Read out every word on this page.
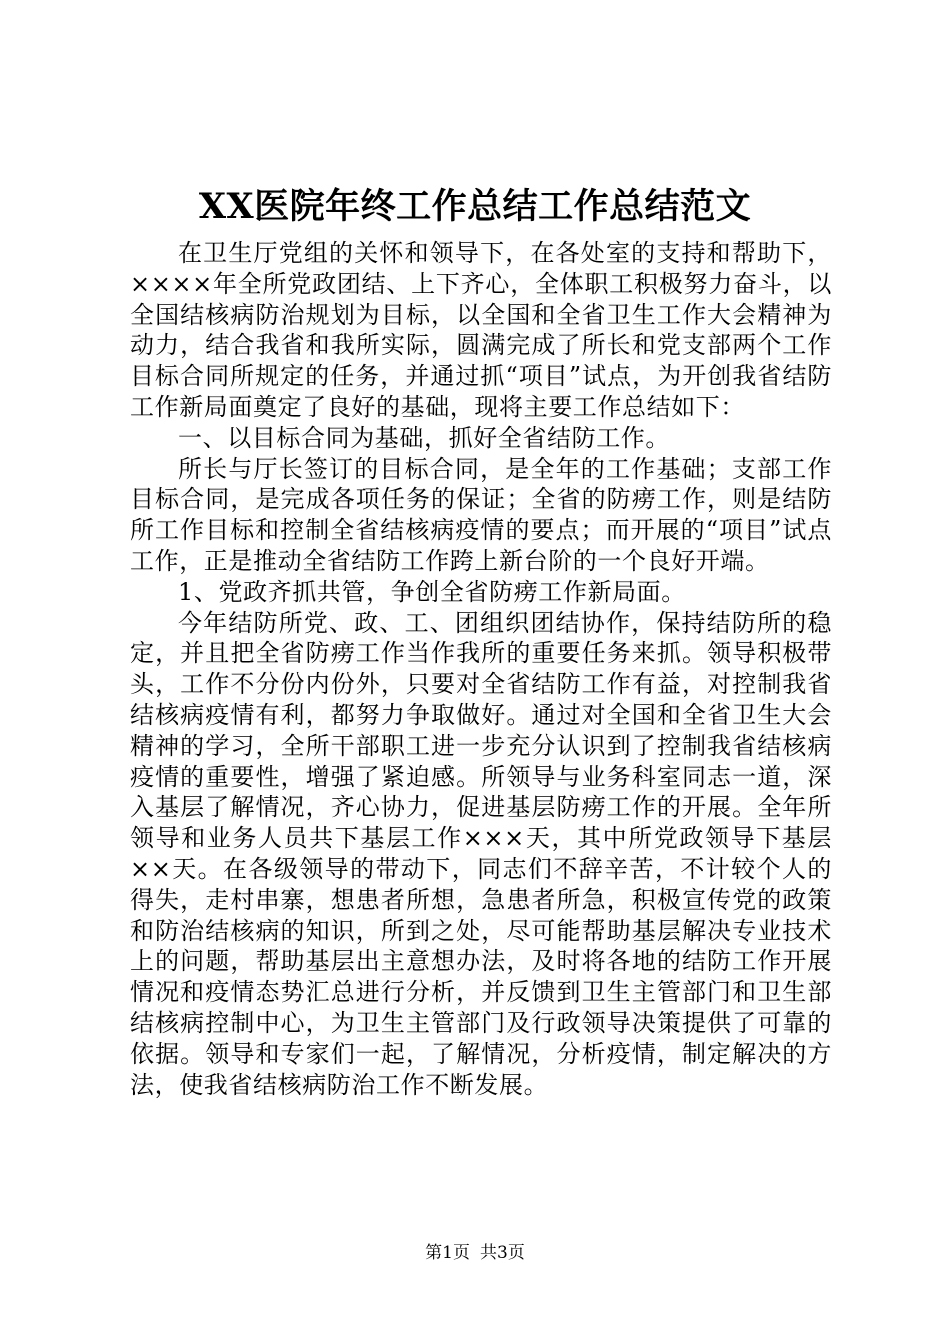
XX医院年终工作总结工作总结范文

在卫生厅党组的关怀和领导下，在各处室的支持和帮助下，××××年全所党政团结、上下齐心，全体职工积极努力奋斗，以全国结核病防治规划为目标，以全国和全省卫生工作大会精神为动力，结合我省和我所实际，圆满完成了所长和党支部两个工作目标合同所规定的任务，并通过抓“项目”试点，为开创我省结防工作新局面奠定了良好的基础，现将主要工作总结如下：

一、以目标合同为基础，抓好全省结防工作。

所长与厅长签订的目标合同，是全年的工作基础；支部工作目标合同，是完成各项任务的保证；全省的防痨工作，则是结防所工作目标和控制全省结核病疫情的要点；而开展的“项目”试点工作，正是推动全省结防工作跨上新台阶的一个良好开端。

1、党政齐抓共管，争创全省防痨工作新局面。

今年结防所党、政、工、团组织团结协作，保持结防所的稳定，并且把全省防痨工作当作我所的重要任务来抓。领导积极带头，工作不分份内份外，只要对全省结防工作有益，对控制我省结核病疫情有利，都努力争取做好。通过对全国和全省卫生大会精神的学习，全所干部职工进一步充分认识到了控制我省结核病疫情的重要性，增强了紧迫感。所领导与业务科室同志一道，深入基层了解情况，齐心协力，促进基层防痨工作的开展。全年所领导和业务人员共下基层工作×××天，其中所党政领导下基层××天。在各级领导的带动下，同志们不辞辛苦，不计较个人的得失，走村串寨，想患者所想，急患者所急，积极宣传党的政策和防治结核病的知识，所到之处，尽可能帮助基层解决专业技术上的问题，帮助基层出主意想办法，及时将各地的结防工作开展情况和疫情态势汇总进行分析，并反馈到卫生主管部门和卫生部结核病控制中心，为卫生主管部门及行政领导决策提供了可靠的依据。领导和专家们一起，了解情况，分析疫情，制定解决的方法，使我省结核病防治工作不断发展。

第1页 共3页
